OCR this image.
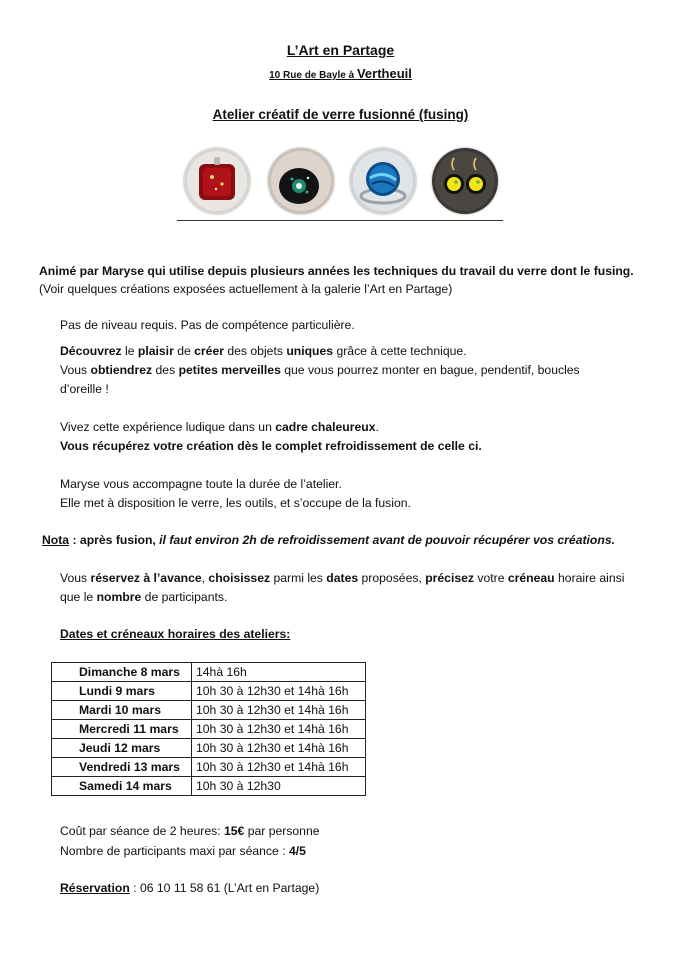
L’Art en Partage
10 Rue de Bayle à Vertheuil
Atelier créatif de verre fusionné (fusing)
Animé par Maryse qui utilise depuis plusieurs années les techniques du travail du verre dont le fusing.
(Voir quelques créations exposées actuellement à la galerie l’Art en Partage)
Pas de niveau requis. Pas de compétence particulière.
Découvrez le plaisir de créer des objets uniques grâce à cette technique.
Vous obtiendrez des petites merveilles que vous pourrez monter en bague, pendentif, boucles
d’oreille !
Vivez cette expérience ludique dans un cadre chaleureux.
Vous récupérez votre création dès le complet refroidissement de celle ci.
Maryse vous accompagne toute la durée de l’atelier.
Elle met à disposition le verre, les outils, et s’occupe de la fusion.
Nota : après fusion, il faut environ 2h de refroidissement avant de pouvoir récupérer vos créations.
Vous réservez à l’avance, choisissez parmi les dates proposées, précisez votre créneau horaire ainsi
que le nombre de participants.
Dates et créneaux horaires des ateliers:
Dimanche 8 mars	14hà 16h
Lundi 9 mars	10h 30 à 12h30 et 14hà 16h
Mardi 10 mars	10h 30 à 12h30 et 14hà 16h
Mercredi 11 mars	10h 30 à 12h30 et 14hà 16h
Jeudi 12 mars	10h 30 à 12h30 et 14hà 16h
Vendredi 13 mars	10h 30 à 12h30 et 14hà 16h
Samedi 14 mars	10h 30 à 12h30
Coût par séance de 2 heures: 15€ par personne
Nombre de participants maxi par séance : 4/5
Réservation : 06 10 11 58 61 (L’Art en Partage)
